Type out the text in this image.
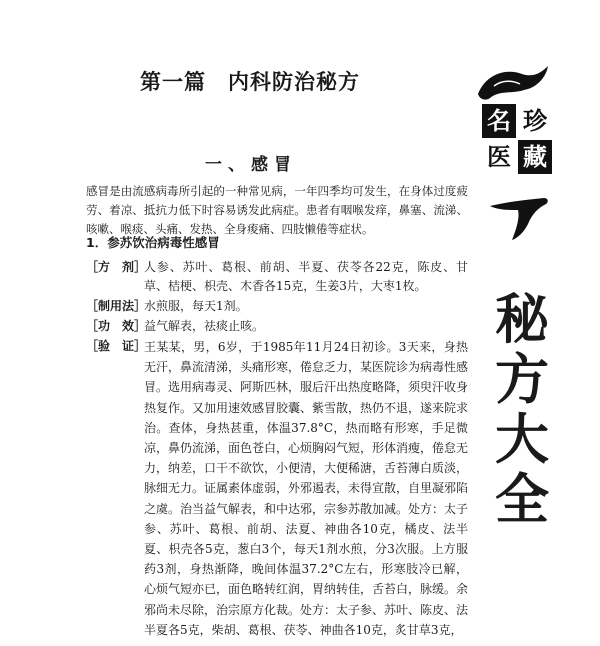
第一篇　内科防治秘方
一、感冒
感冒是由流感病毒所引起的一种常见病，一年四季均可发生，在身体过度疲劳、着凉、抵抗力低下时容易诱发此病症。患者有咽喉发痒，鼻塞、流涕、咳嗽、喉痰、头痛、发热、全身痠痛、四肢懒倦等症状。
1．参苏饮治病毒性感冒
［方　剂］
人参、苏叶、葛根、前胡、半夏、茯苓各22克，陈皮、甘草、桔梗、枳壳、木香各15克，生姜3片，大枣1枚。
［制用法］
水煎服，每天1剂。
［功　效］
益气解表，祛痰止咳。
［验　证］
王某某，男，6岁，于1985年11月24日初诊。3天来，身热无汗，鼻流清涕，头痛形寒，倦怠乏力，某医院诊为病毒性感冒。选用病毒灵、阿斯匹林，服后汗出热度略降，须臾汗收身热复作。又加用速效感冒胶囊、紫雪散，热仍不退，遂来院求治。查体，身热甚重，体温37.8°C，热而略有形寒，手足微凉，鼻仍流涕，面色苍白，心烦胸闷气短，形体消瘦，倦怠无力，纳差，口干不欲饮，小便清，大便稀溏，舌苔薄白质淡，脉细无力。证属素体虚弱，外邪遏表，未得宣散，自里凝邪陷之虞。治当益气解表，和中达邪，宗参苏散加减。处方：太子参、苏叶、葛根、前胡、法夏、神曲各10克，橘皮、法半夏、枳壳各5克，葱白3个，每天1剂水煎，分3次服。上方服药3剂，身热渐降，晚间体温37.2°C左右，形寒肢冷已解，心烦气短亦已，面色略转红润，胃纳转佳，舌苔白，脉缓。余邪尚未尽除，治宗原方化裁。处方：太子参、苏叶、陈皮、法半夏各5克，柴胡、葛根、茯苓、神曲各10克，炙甘草3克，
名 珍
医 藏
秘
方
大
全
